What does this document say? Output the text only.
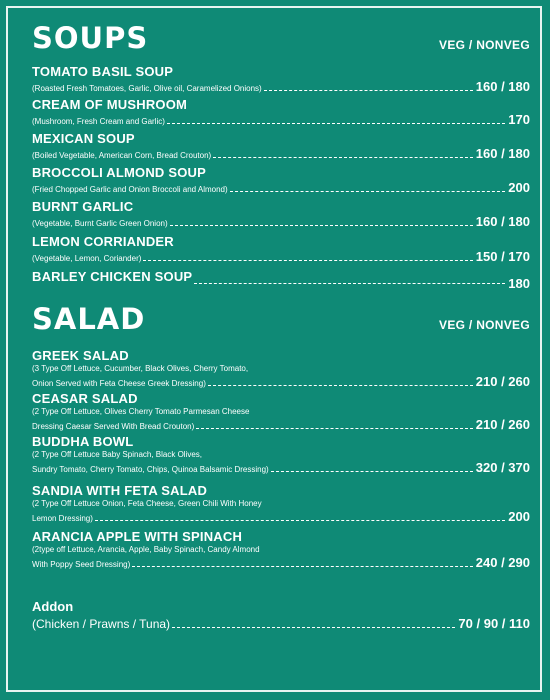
SOUPS	VEG / NONVEG
TOMATO BASIL SOUP
(Roasted Fresh Tomatoes, Garlic, Olive oil, Caramelized Onions)	160 / 180
CREAM OF MUSHROOM
(Mushroom, Fresh Cream and Garlic)	170
MEXICAN SOUP
(Boiled Vegetable, American Corn, Bread Crouton)	160 / 180
BROCCOLI ALMOND SOUP
(Fried Chopped Garlic and Onion Broccoli and Almond)	200
BURNT GARLIC
(Vegetable, Burnt Garlic Green Onion)	160 / 180
LEMON CORRIANDER
(Vegetable, Lemon, Coriander)	150 / 170
BARLEY CHICKEN SOUP	180
SALAD	VEG / NONVEG
GREEK SALAD
(3 Type Off Lettuce, Cucumber, Black Olives, Cherry Tomato,
Onion Served with Feta Cheese Greek Dressing)	210 / 260
CEASAR SALAD
(2 Type Off Lettuce, Olives Cherry Tomato Parmesan Cheese
Dressing Caesar Served With Bread Crouton)	210 / 260
BUDDHA BOWL
(2 Type Off Lettuce Baby Spinach, Black Olives,
Sundry Tomato, Cherry Tomato, Chips, Quinoa Balsamic Dressing)	320 / 370
SANDIA WITH FETA SALAD
(2 Type Off Lettuce Onion, Feta Cheese, Green Chili With Honey
Lemon Dressing)	200
ARANCIA APPLE WITH SPINACH
(2type off Lettuce, Arancia, Apple, Baby Spinach, Candy Almond
With Poppy Seed Dressing)	240 / 290
Addon
(Chicken / Prawns / Tuna)	70 / 90 / 110
